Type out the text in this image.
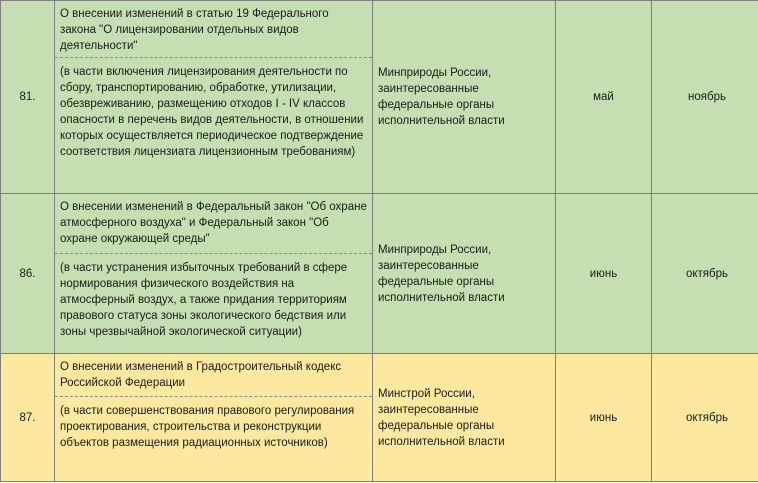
81.	О внесении изменений в статью 19 Федерального закона "О лицензировании отдельных видов деятельности"
(в части включения лицензирования деятельности по сбору, транспортированию, обработке, утилизации, обезвреживанию, размещению отходов I - IV классов опасности в перечень видов деятельности, в отношении которых осуществляется периодическое подтверждение соответствия лицензиата лицензионным требованиям)	Минприроды России, заинтересованные федеральные органы исполнительной власти	май	ноябрь
86.	О внесении изменений в Федеральный закон "Об охране атмосферного воздуха" и Федеральный закон "Об охране окружающей среды"
(в части устранения избыточных требований в сфере нормирования физического воздействия на атмосферный воздух, а также придания территориям правового статуса зоны экологического бедствия или зоны чрезвычайной экологической ситуации)	Минприроды России, заинтересованные федеральные органы исполнительной власти	июнь	октябрь
87.	О внесении изменений в Градостроительный кодекс Российской Федерации
(в части совершенствования правового регулирования проектирования, строительства и реконструкции объектов размещения радиационных источников)	Минстрой России, заинтересованные федеральные органы исполнительной власти	июнь	октябрь
